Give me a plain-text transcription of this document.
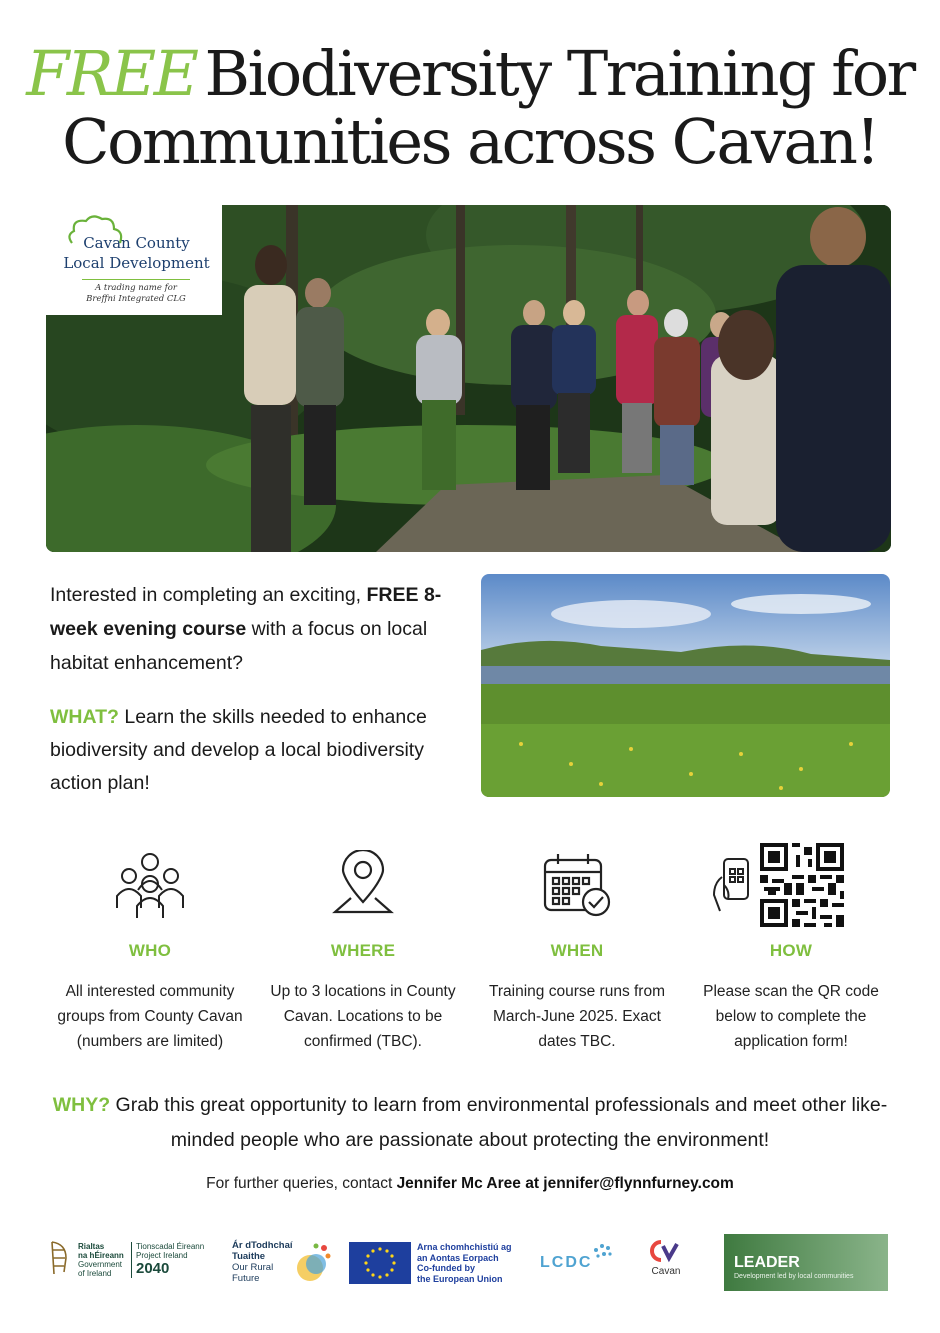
FREE Biodiversity Training for
Communities across Cavan!
Cavan County
Local Development
A trading name for
Breffni Integrated CLG
Interested in completing an exciting, FREE 8-week evening course with a focus on local habitat enhancement?
WHAT? Learn the skills needed to enhance biodiversity and develop a local biodiversity action plan!
WHO
All interested community groups from County Cavan (numbers are limited)
WHERE
Up to 3 locations in County Cavan. Locations to be confirmed (TBC).
WHEN
Training course runs from March-June 2025. Exact dates TBC.
HOW
Please scan the QR code below to complete the application form!
WHY? Grab this great opportunity to learn from environmental professionals and meet other like-minded people who are passionate about protecting the environment!
For further queries, contact Jennifer Mc Aree at jennifer@flynnfurney.com
Rialtas
na hÉireann
Government
of Ireland
Tionscadal Éireann
Project Ireland
2040
Ár dTodhchaí
Tuaithe
Our Rural
Future
Arna chomhchistiú ag
an Aontas Eorpach
Co-funded by
the European Union
LCDC
Cavan
LEADER
Development led by local communities
